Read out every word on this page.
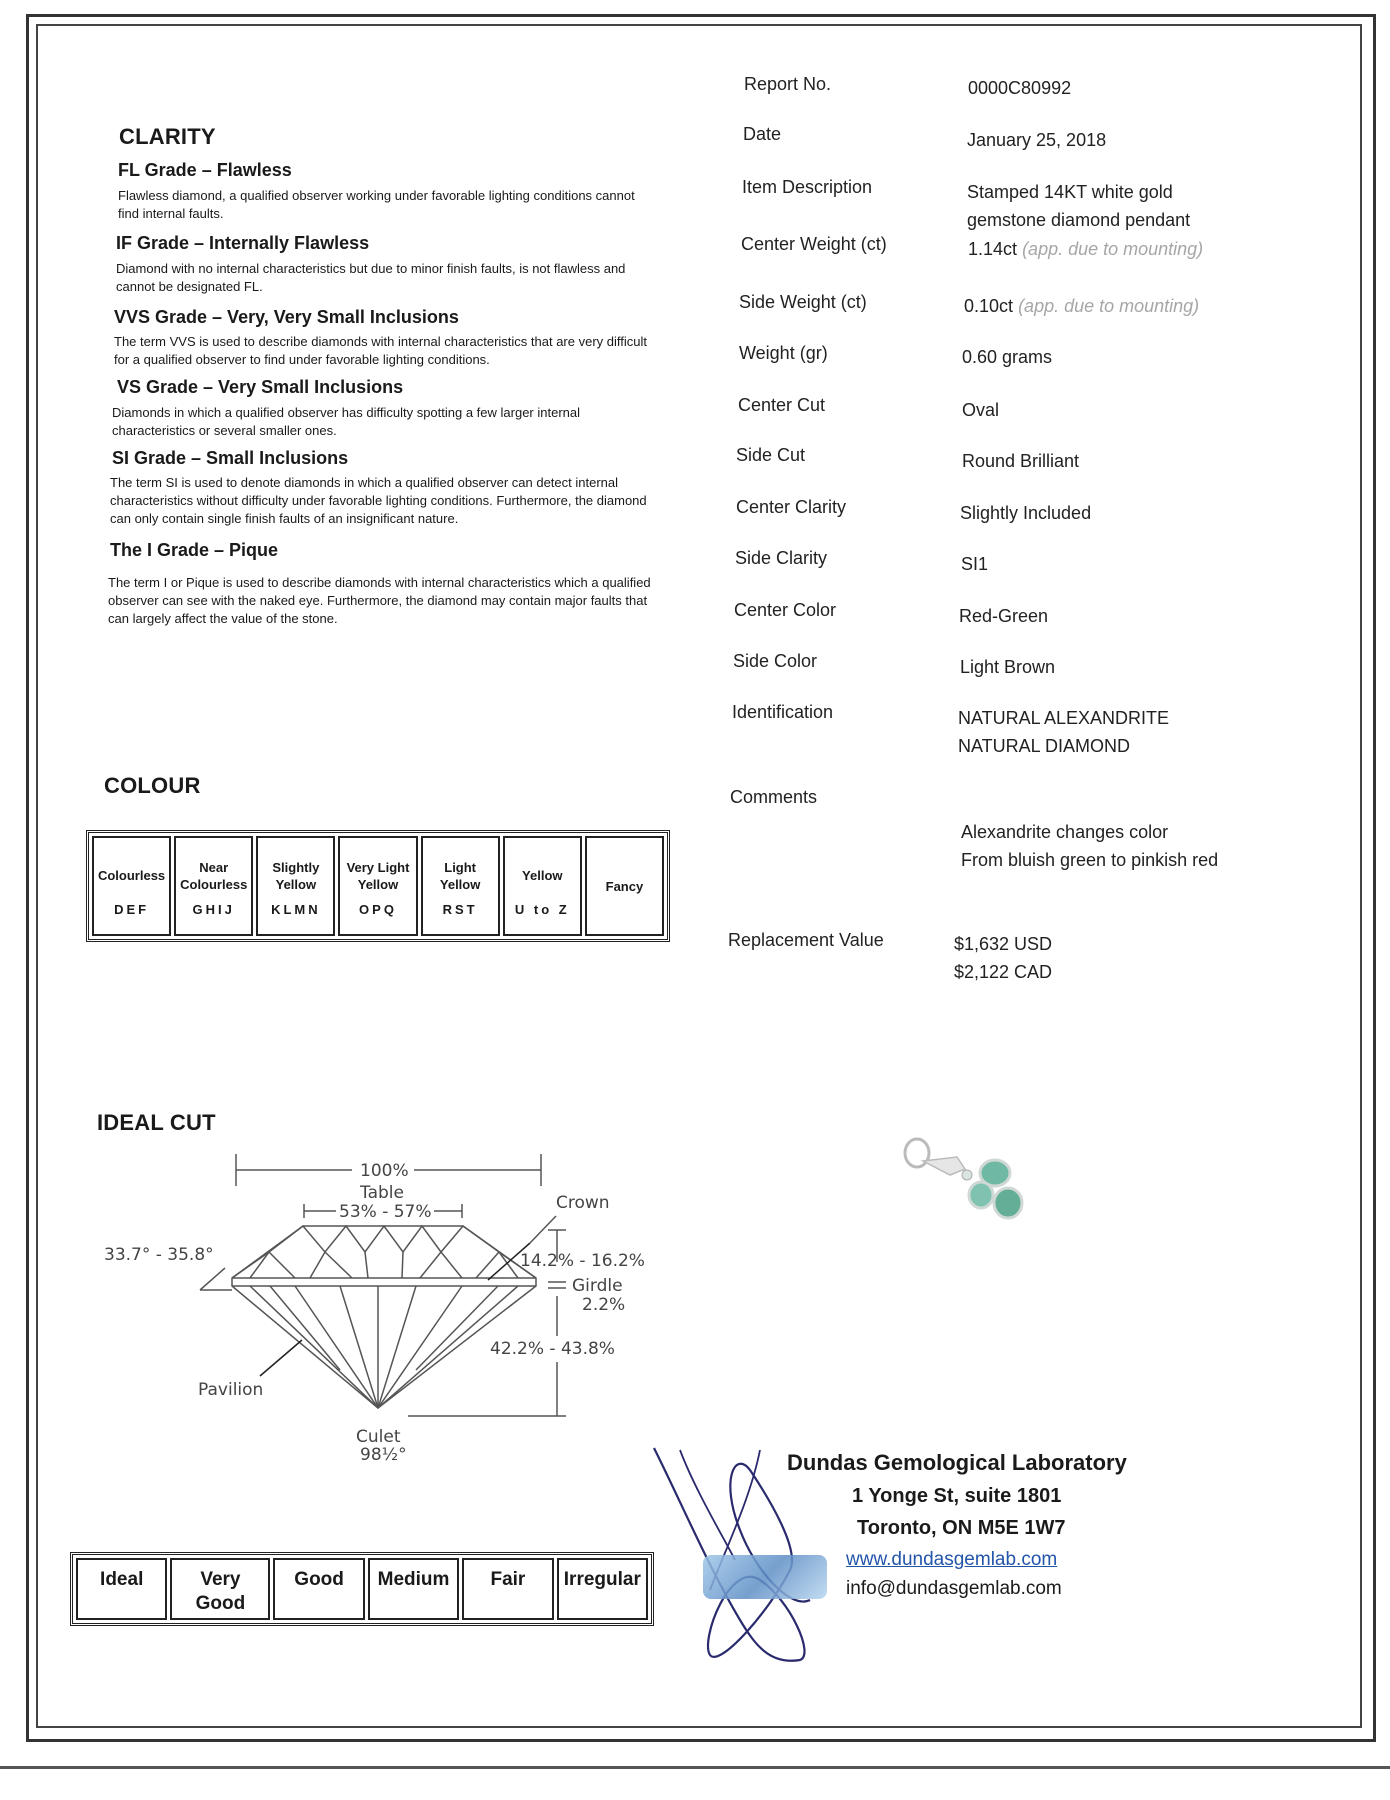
CLARITY
FL Grade – Flawless
Flawless diamond, a qualified observer working under favorable lighting conditions cannot find internal faults.
IF Grade – Internally Flawless
Diamond with no internal characteristics but due to minor finish faults, is not flawless and cannot be designated FL.
VVS Grade – Very, Very Small Inclusions
The term VVS is used to describe diamonds with internal characteristics that are very difficult for a qualified observer to find under favorable lighting conditions.
VS Grade – Very Small Inclusions
Diamonds in which a qualified observer has difficulty spotting a few larger internal characteristics or several smaller ones.
SI Grade – Small Inclusions
The term SI is used to denote diamonds in which a qualified observer can detect internal characteristics without difficulty under favorable lighting conditions. Furthermore, the diamond can only contain single finish faults of an insignificant nature.
The I Grade – Pique
The term I or Pique is used to describe diamonds with internal characteristics which a qualified observer can see with the naked eye. Furthermore, the diamond may contain major faults that can largely affect the value of the stone.
COLOUR
Colourless
DEF
Near Colourless
GHIJ
Slightly Yellow
KLMN
Very Light Yellow
OPQ
Light Yellow
RST
Yellow
U to Z
Fancy
IDEAL CUT
100%
Table
53% - 57%	Crown
33.7° - 35.8°	14.2% - 16.2%
Girdle
2.2%
42.2% - 43.8%
Pavilion
Culet
98½°
Ideal	Very Good
Good	Medium	Fair	Irregular
Report No.	0000C80992
Date	January 25, 2018
Item Description	Stamped 14KT white gold gemstone diamond pendant
Center Weight (ct)	1.14ct (app. due to mounting)
Side Weight (ct)	0.10ct (app. due to mounting)
Weight (gr)	0.60 grams
Center Cut	Oval
Side Cut	Round Brilliant
Center Clarity	Slightly Included
Side Clarity	SI1
Center Color	Red-Green
Side Color	Light Brown
Identification	NATURAL ALEXANDRITE
NATURAL DIAMOND
Comments
Alexandrite changes color
From bluish green to pinkish red
Replacement Value	$1,632 USD
$2,122 CAD
Dundas Gemological Laboratory
1 Yonge St, suite 1801
Toronto, ON M5E 1W7
www.dundasgemlab.com
info@dundasgemlab.com
